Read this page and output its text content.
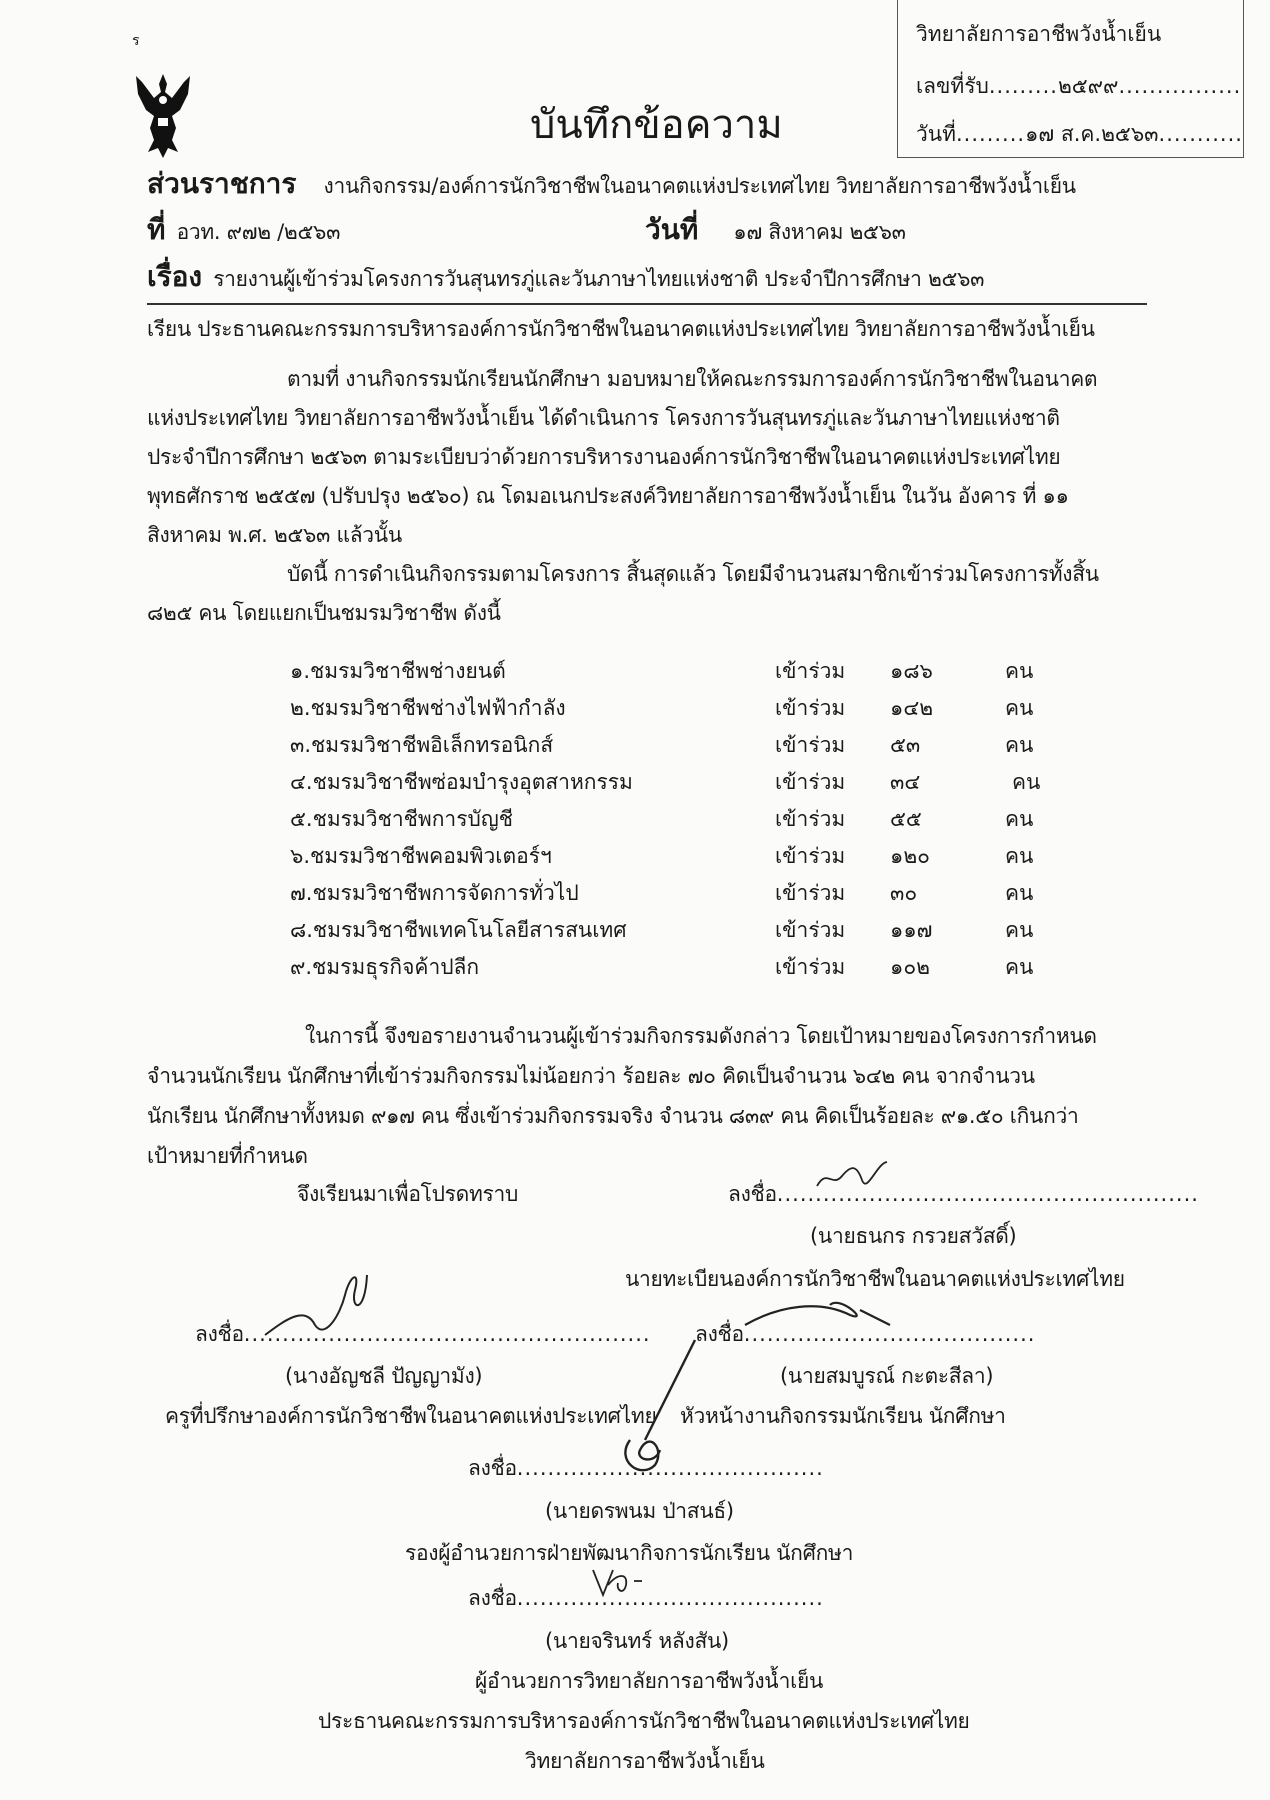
วิทยาลัยการอาชีพวังน้ำเย็น
เลขที่รับ.........๒๕๙๙................
วันที่.........๑๗ ส.ค.๒๕๖๓...........
ร
บันทึกข้อความ
ส่วนราชการ งานกิจกรรม/องค์การนักวิชาชีพในอนาคตแห่งประเทศไทย วิทยาลัยการอาชีพวังน้ำเย็น
ที่ อวท. ๙๗๒ /๒๕๖๓	วันที่ ๑๗ สิงหาคม ๒๕๖๓
เรื่อง รายงานผู้เข้าร่วมโครงการวันสุนทรภู่และวันภาษาไทยแห่งชาติ ประจำปีการศึกษา ๒๕๖๓
เรียน ประธานคณะกรรมการบริหารองค์การนักวิชาชีพในอนาคตแห่งประเทศไทย วิทยาลัยการอาชีพวังน้ำเย็น
ตามที่ งานกิจกรรมนักเรียนนักศึกษา มอบหมายให้คณะกรรมการองค์การนักวิชาชีพในอนาคต
แห่งประเทศไทย วิทยาลัยการอาชีพวังน้ำเย็น ได้ดำเนินการ โครงการวันสุนทรภู่และวันภาษาไทยแห่งชาติ
ประจำปีการศึกษา ๒๕๖๓ ตามระเบียบว่าด้วยการบริหารงานองค์การนักวิชาชีพในอนาคตแห่งประเทศไทย
พุทธศักราช ๒๕๕๗ (ปรับปรุง ๒๕๖๐) ณ โดมอเนกประสงค์วิทยาลัยการอาชีพวังน้ำเย็น ในวัน อังคาร ที่ ๑๑
สิงหาคม พ.ศ. ๒๕๖๓ แล้วนั้น
บัดนี้ การดำเนินกิจกรรมตามโครงการ สิ้นสุดแล้ว โดยมีจำนวนสมาชิกเข้าร่วมโครงการทั้งสิ้น
๘๒๕ คน โดยแยกเป็นชมรมวิชาชีพ ดังนี้
๑.ชมรมวิชาชีพช่างยนต์	เข้าร่วม ๑๘๖	คน
๒.ชมรมวิชาชีพช่างไฟฟ้ากำลัง	เข้าร่วม ๑๔๒	คน
๓.ชมรมวิชาชีพอิเล็กทรอนิกส์	เข้าร่วม ๕๓	คน
๔.ชมรมวิชาชีพซ่อมบำรุงอุตสาหกรรม	เข้าร่วม ๓๔	คน
๕.ชมรมวิชาชีพการบัญชี	เข้าร่วม ๕๕	คน
๖.ชมรมวิชาชีพคอมพิวเตอร์ฯ	เข้าร่วม ๑๒๐	คน
๗.ชมรมวิชาชีพการจัดการทั่วไป	เข้าร่วม ๓๐	คน
๘.ชมรมวิชาชีพเทคโนโลยีสารสนเทศ	เข้าร่วม ๑๑๗	คน
๙.ชมรมธุรกิจค้าปลีก	เข้าร่วม ๑๐๒	คน
ในการนี้ จึงขอรายงานจำนวนผู้เข้าร่วมกิจกรรมดังกล่าว โดยเป้าหมายของโครงการกำหนด
จำนวนนักเรียน นักศึกษาที่เข้าร่วมกิจกรรมไม่น้อยกว่า ร้อยละ ๗๐ คิดเป็นจำนวน ๖๔๒ คน จากจำนวน
นักเรียน นักศึกษาทั้งหมด ๙๑๗ คน ซึ่งเข้าร่วมกิจกรรมจริง จำนวน ๘๓๙ คน คิดเป็นร้อยละ ๙๑.๕๐ เกินกว่า
เป้าหมายที่กำหนด
จึงเรียนมาเพื่อโปรดทราบ	ลงชื่อ.......................................................
(นายธนกร กรวยสวัสดิ์)
นายทะเบียนองค์การนักวิชาชีพในอนาคตแห่งประเทศไทย
ลงชื่อ.....................................................
(นางอัญชลี ปัญญามัง)
ครูที่ปรึกษาองค์การนักวิชาชีพในอนาคตแห่งประเทศไทย
ลงชื่อ......................................
(นายสมบูรณ์ กะตะสีลา)
หัวหน้างานกิจกรรมนักเรียน นักศึกษา
ลงชื่อ........................................
(นายดรพนม ป่าสนธ์)
รองผู้อำนวยการฝ่ายพัฒนากิจการนักเรียน นักศึกษา
ลงชื่อ........................................
(นายจรินทร์ หลังสัน)
ผู้อำนวยการวิทยาลัยการอาชีพวังน้ำเย็น
ประธานคณะกรรมการบริหารองค์การนักวิชาชีพในอนาคตแห่งประเทศไทย
วิทยาลัยการอาชีพวังน้ำเย็น
